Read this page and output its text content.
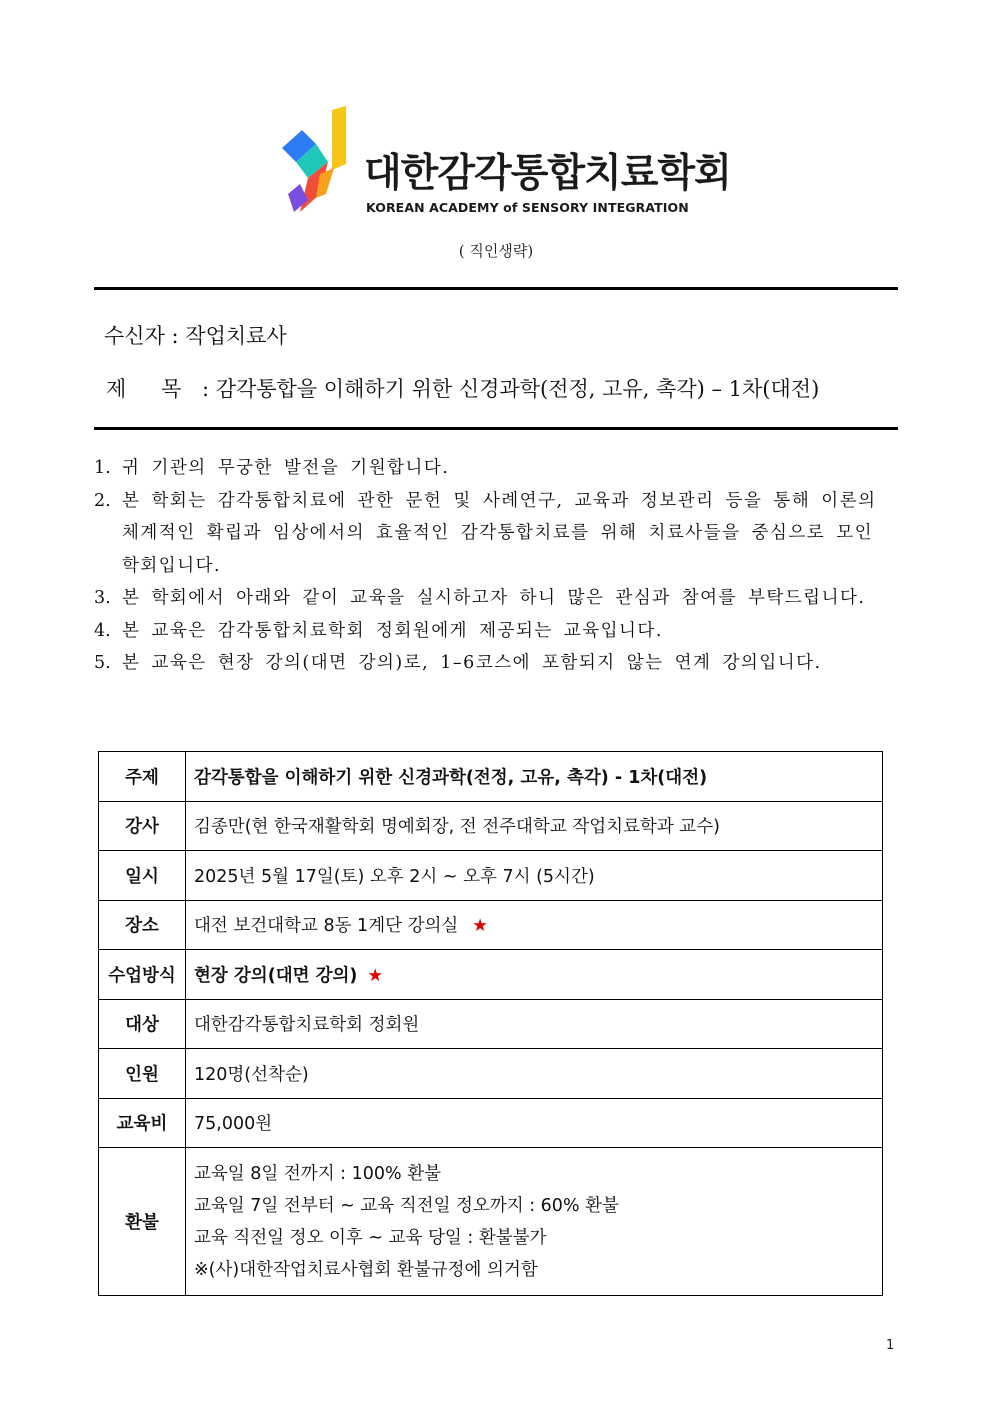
대한감각통합치료학회
KOREAN ACADEMY of SENSORY INTEGRATION
( 직인생략)
수신자 : 작업치료사
제 목 : 감각통합을 이해하기 위한 신경과학(전정, 고유, 촉각) – 1차(대전)
1. 귀 기관의 무궁한 발전을 기원합니다.
2. 본 학회는 감각통합치료에 관한 문헌 및 사례연구, 교육과 정보관리 등을 통해 이론의 체계적인 확립과 임상에서의 효율적인 감각통합치료를 위해 치료사들을 중심으로 모인 학회입니다.
3. 본 학회에서 아래와 같이 교육을 실시하고자 하니 많은 관심과 참여를 부탁드립니다.
4. 본 교육은 감각통합치료학회 정회원에게 제공되는 교육입니다.
5. 본 교육은 현장 강의(대면 강의)로, 1–6코스에 포함되지 않는 연계 강의입니다.
주제	감각통합을 이해하기 위한 신경과학(전정, 고유, 촉각) - 1차(대전)
강사	김종만(현 한국재활학회 명예회장, 전 전주대학교 작업치료학과 교수)
일시	2025년 5월 17일(토) 오후 2시 ~ 오후 7시 (5시간)
장소	대전 보건대학교 8동 1계단 강의실 ★
수업방식	현장 강의(대면 강의) ★
대상	대한감각통합치료학회 정회원
인원	120명(선착순)
교육비	75,000원
환불	교육일 8일 전까지 : 100% 환불
교육일 7일 전부터 ~ 교육 직전일 정오까지 : 60% 환불
교육 직전일 정오 이후 ~ 교육 당일 : 환불불가
※(사)대한작업치료사협회 환불규정에 의거함
1
